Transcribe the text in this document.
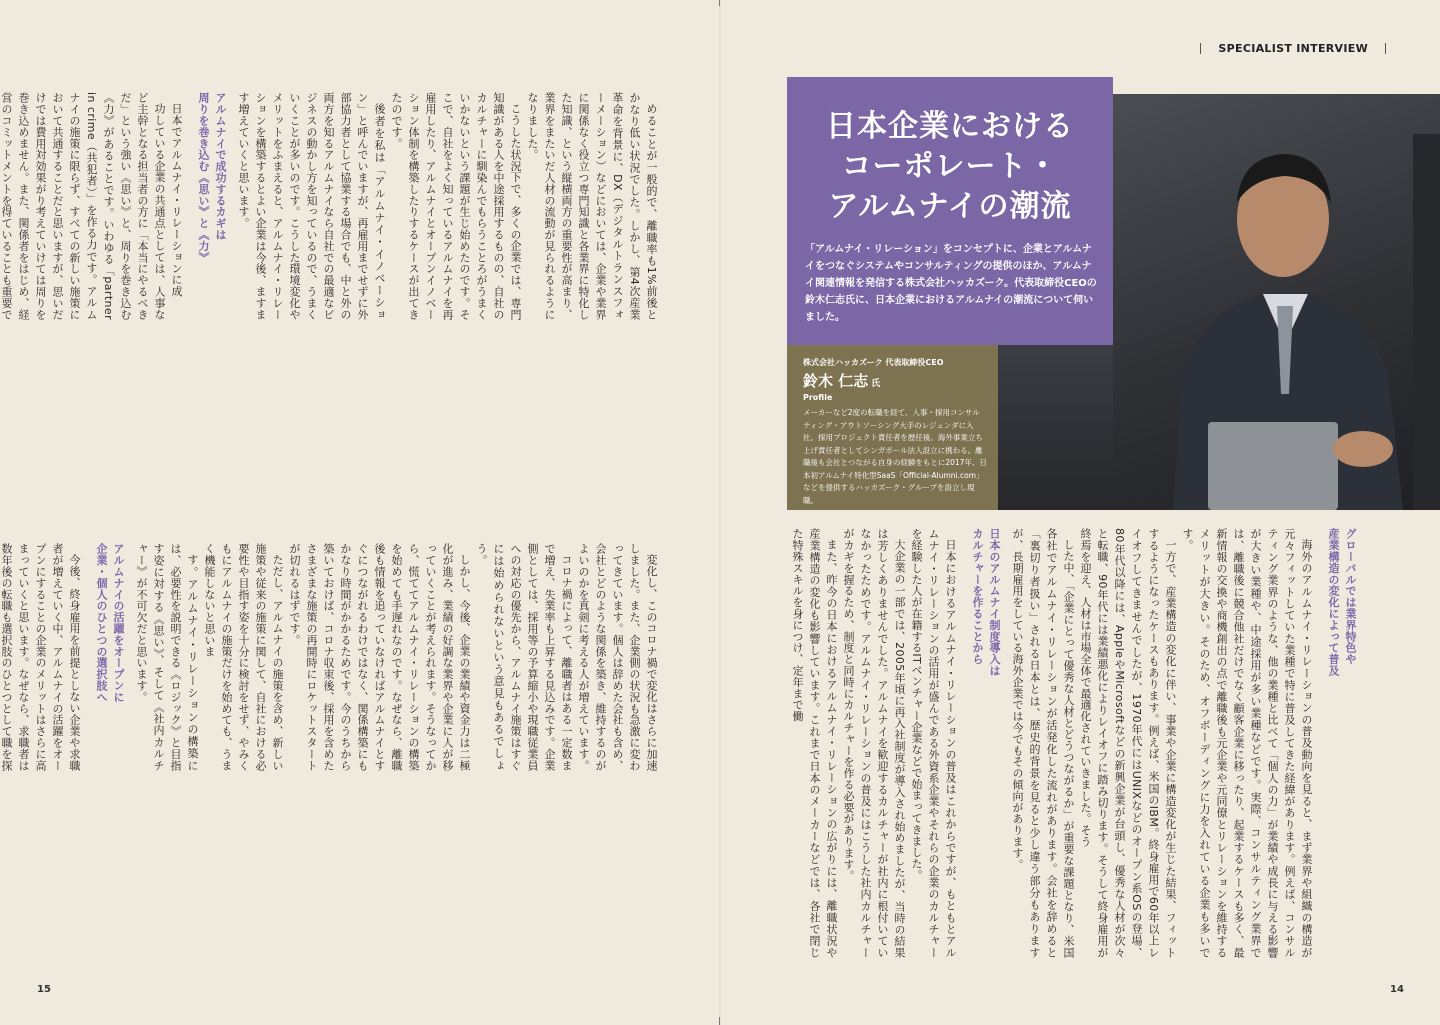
めることが一般的で、離職率も1%前後とかなり低い状況でした。しかし、第4次産業革命を背景に、DX（デジタルトランスフォーメーション）などにおいては、企業や業界に関係なく役立つ専門知識と各業界に特化した知識、という縦横両方の重要性が高まり、業界をまたいだ人材の流動が見られるようになりました。

こうした状況下で、多くの企業では、専門知識がある人を中途採用するものの、自社のカルチャーに馴染んでもらうことろがうまくいかないという課題が生じ始めたのです。そこで、自社をよく知っているアルムナイを再雇用したり、アルムナイとオープンイノベーション体制を構築したりするケースが出てきたのです。

後者を私は「アルムナイ・イノベーション」と呼んでいますが、再雇用までせずに外部協力者として協業する場合でも、中と外の両方を知るアルムナイなら自社での最適なビジネスの動かし方を知っているので、うまくいくことが多いのです。こうした環境変化やメリットをふまえると、アルムナイ・リレーションを構築するとよい企業は今後、ますます増えていくと思います。

アルムナイで成功するカギは
周りを巻き込む《思い》と《力》

日本でアルムナイ・リレーションに成

功している企業の共通点としては、人事など主幹となる担当者の方に「本当にやるべきだ」という強い《思い》と、周りを巻き込む《力》があることです。いわゆる「partner in crime（共犯者）」を作る力です。アルムナイの施策に限らず、すべての新しい施策において共通することだと思いますが、思いだけでは費用対効果がり考えていけては周りを巻き込めません。また、関係者をはじめ、経営のコミットメントを得ていることも重要で

変化し、このコロナ禍で変化はさらに加速しました。また、企業側の状況も急激に変わってきています。個人は辞めた会社も含め、会社とどのような関係を築き、維持するのがよいのかを真剣に考える人が増えています。

コロナ禍によって、離職者はある一定数まで増え、失業率も上昇する見込みです。企業側としては、採用等の予算縮小や現職従業員への対応の優先から、アルムナイ施策はすぐには始められないという意見もあるでしょう。

しかし、今後、企業の業績や資金力は二極化が進み、業績の好調な業界や企業に人が移っていくことが考えられます。そうなってから、慌ててアルムナイ・リレーションの構築を始めても手遅れなのです。なぜなら、離職後も情報を追っていなければアルムナイとすぐにつながれるわけではなく、関係構築にもかなり時間がかかるためです。今のうちから築いておけば、コロナ収束後、採用を含めたさまざまな施策の再開時にロケットスタートが切れるはずです。

ただし、アルムナイの施策を含め、新しい施策や従来の施策に関して、自社における必要性や目指す姿を十分に検討をせず、やみくもにアルムナイの施策だけを始めても、うまく機能しないと思いま

す。アルムナイ・リレーションの構築には、必要性を説明できる《ロジック》と目指す姿に対する《思い》、そして《社内カルチャー》が不可欠だと思います。

アルムナイの活躍をオープンに
企業・個人のひとつの選択肢へ

今後、終身雇用を前提としない企業や求職者が増えていく中、アルムナイの活躍をオープンにすることの企業のメリットはさらに高まっていくと思います。なぜなら、求職者は数年後の転職も選択肢のひとつとして職を探

15
SPECIALIST INTERVIEW
日本企業における
コーポレート・
アルムナイの潮流
「アルムナイ・リレーション」をコンセプトに、企業とアルムナイをつなぐシステムやコンサルティングの提供のほか、アルムナイ関連情報を発信する株式会社ハッカズーク。代表取締役CEOの鈴木仁志氏に、日本企業におけるアルムナイの潮流について伺いました。
株式会社ハッカズーク 代表取締役CEO
鈴木 仁志 氏
Profile
メーカーなど2度の転職を経て、人事・採用コンサルティング・アウトソーシング大手のレジェンダに入社。採用プロジェクト責任者を歴任後、海外事業立ち上げ責任者としてシンガポール法人設立に携わる。離職後も会社とつながる自身の経験をもとに2017年、日本初アルムナイ特化型SaaS「Official-Alumni.com」などを提供するハッカズーク・グループを設立し現職。
グローバルでは業界特色や
産業構造の変化によって普及

海外のアルムナイ・リレーションの普及動向を見ると、まず業界や組織の構造が元々フィットしていた業種で特に普及してきた経緯があります。例えば、コンサルティング業界のような、他の業種と比べて「個人の力」が業績や成長に与える影響が大きい業種や、中途採用が多い業種などです。実際、コンサルティング業界では、離職後に競合他社だけでなく顧客企業に移ったり、起業するケースも多く、最新情報の交換や商機創出の点で離職後も元企業や元同僚とリレーションを維持するメリットが大きい。そのため、オフボーディングに力を入れている企業も多いです。

一方で、産業構造の変化に伴い、事業や企業に構造変化が生じた結果、フィットするようになったケースもあります。例えば、米国のIBM。終身雇用で60年以上レイオフしてきませんでしたが、1970年代にはUNIXなどのオープン系OSの登場、80年代以降には、AppleやMicrosoftなどの新興企業が台頭し、優秀な人材が次々と転職、90年代には業績悪化によりレイオフに踏み切ります。そうして終身雇用が終焉を迎え、人材は市場全体で最適化されていきました。そう

した中、「企業にとって優秀な人材とどうつながるか」が重要な課題となり、米国各社でアルムナイ・リレーションが活発化した流れがあります。会社を辞めると「裏切り者扱い」される日本とは、歴史的背景を見ると少し違う部分もありますが、長期雇用をしている海外企業では今でもその傾向があります。

日本のアルムナイ制度導入は
カルチャーを作ることから

日本におけるアルムナイ・リレーションの普及はこれからですが、もともとアルムナイ・リレーションの活用が盛んである外資系企業やそれらの企業のカルチャーを経験した人が在籍するITベンチャー企業などで始まってきました。

大企業の一部では、2005年頃に再入社制度が導入され始めましたが、当時の結果は芳しくありませんでした。アルムナイを歓迎するカルチャーが社内に根付いていなかったためです。アルムナイ・リレーションの普及にはこうした社内カルチャーがカギを握るため、制度と同時にカルチャーを作る必要があります。

また、昨今の日本におけるアルムナイ・リレーションの広がりには、離職状況や産業構造の変化も影響しています。これまで日本のメーカーなどでは、各社で閉じた特殊スキルを身につけ、定年まで働

14
